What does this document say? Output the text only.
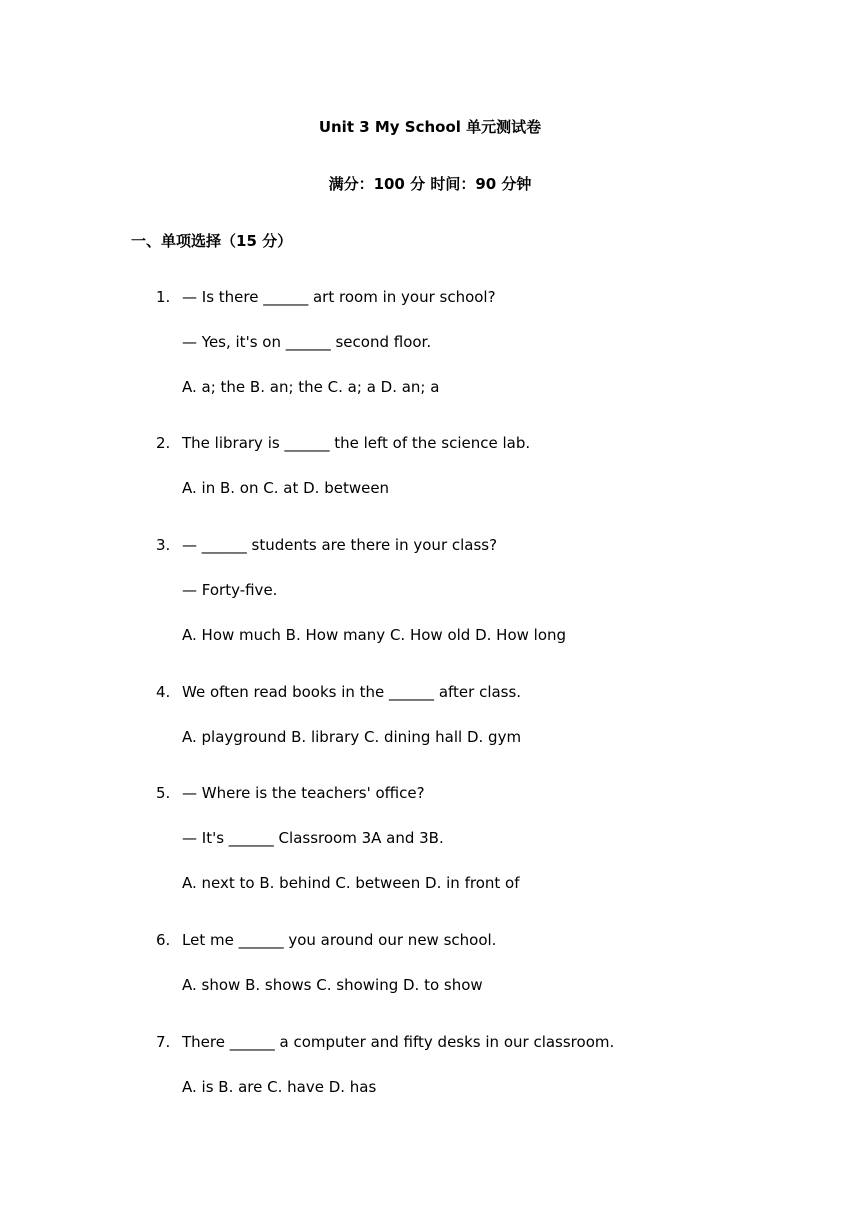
Unit 3 My School 单元测试卷
满分：100 分 时间：90 分钟
一、单项选择（15 分）
1. — Is there ______ art room in your school?
— Yes, it's on ______ second floor.
A. a; the B. an; the C. a; a D. an; a
2. The library is ______ the left of the science lab.
A. in B. on C. at D. between
3. — ______ students are there in your class?
— Forty-five.
A. How much B. How many C. How old D. How long
4. We often read books in the ______ after class.
A. playground B. library C. dining hall D. gym
5. — Where is the teachers' office?
— It's ______ Classroom 3A and 3B.
A. next to B. behind C. between D. in front of
6. Let me ______ you around our new school.
A. show B. shows C. showing D. to show
7. There ______ a computer and fifty desks in our classroom.
A. is B. are C. have D. has
